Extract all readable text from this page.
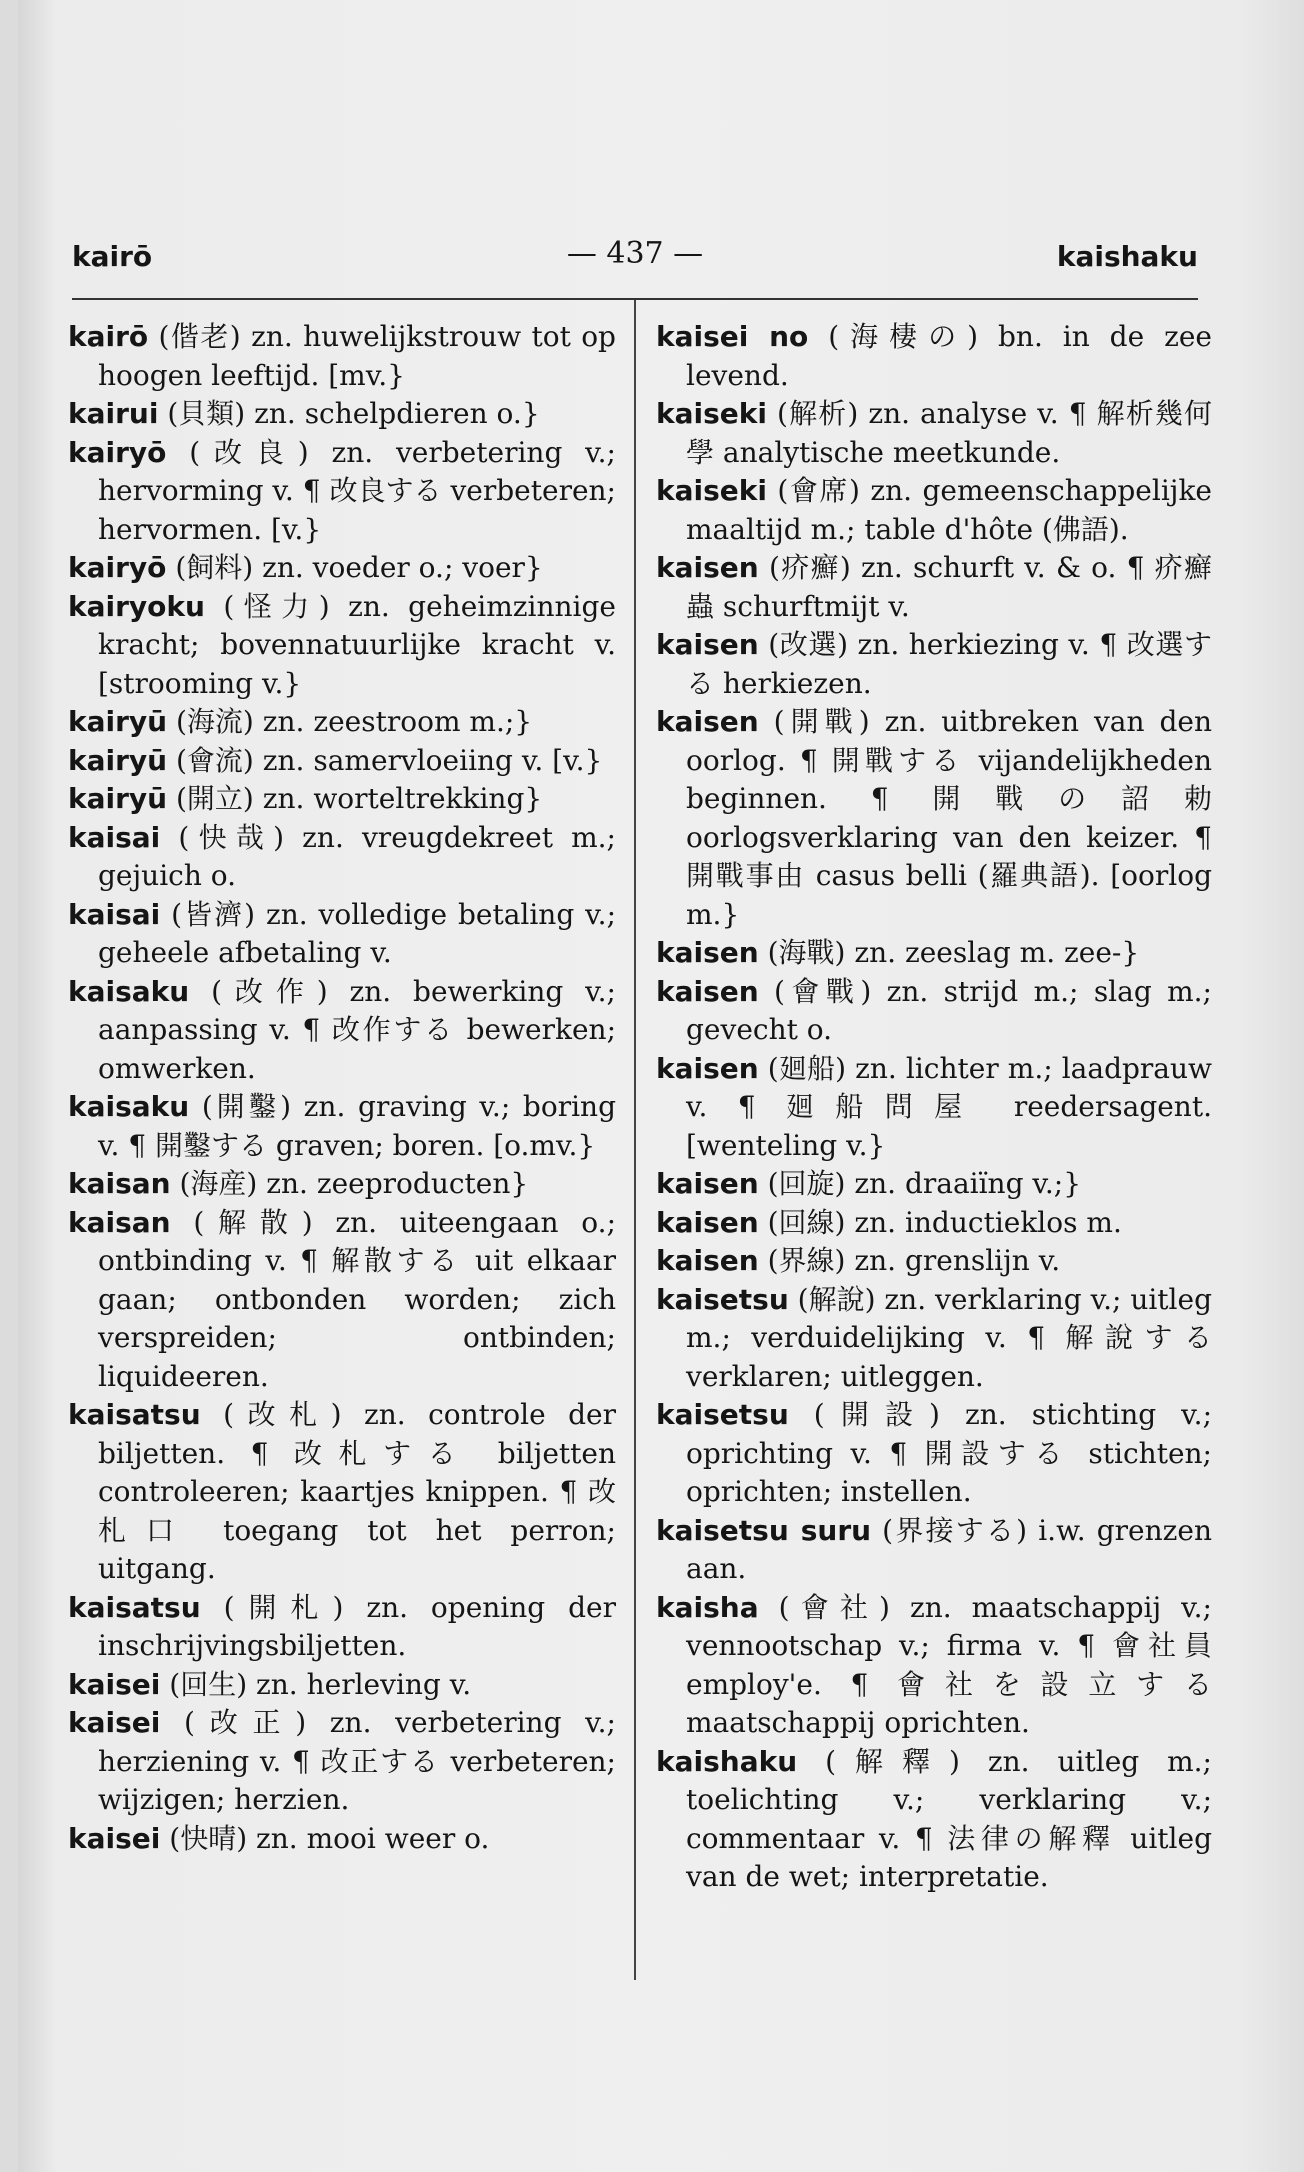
kairō	— 437 —	kaishaku

kairō (偕老) zn. huwelijkstrouw tot op hoogen leeftijd. [mv.}

kairui (貝類) zn. schelpdieren o.}

kairyō (改良) zn. verbetering v.; hervorming v. ¶ 改良する verbeteren; hervormen. [v.}

kairyō (飼料) zn. voeder o.; voer}

kairyoku (怪力) zn. geheimzinnige kracht; bovennatuurlijke kracht v. [strooming v.}

kairyū (海流) zn. zeestroom m.;}

kairyū (會流) zn. samervloeiing v. [v.}

kairyū (開立) zn. worteltrekking}

kaisai (快哉) zn. vreugdekreet m.; gejuich o.

kaisai (皆濟) zn. volledige betaling v.; geheele afbetaling v.

kaisaku (改作) zn. bewerking v.; aanpassing v. ¶ 改作する bewerken; omwerken.

kaisaku (開鑿) zn. graving v.; boring v. ¶ 開鑿する graven; boren. [o.mv.}

kaisan (海産) zn. zeeproducten}

kaisan (解散) zn. uiteengaan o.; ontbinding v. ¶ 解散する uit elkaar gaan; ontbonden worden; zich verspreiden; ontbinden; liquideeren.

kaisatsu (改札) zn. controle der biljetten. ¶ 改札する biljetten controleeren; kaartjes knippen. ¶ 改札口 toegang tot het perron; uitgang.

kaisatsu (開札) zn. opening der inschrijvingsbiljetten.

kaisei (回生) zn. herleving v.

kaisei (改正) zn. verbetering v.; herziening v. ¶ 改正する verbeteren; wijzigen; herzien.

kaisei (快晴) zn. mooi weer o.

kaisei no (海棲の) bn. in de zee levend.

kaiseki (解析) zn. analyse v. ¶ 解析幾何學 analytische meetkunde.

kaiseki (會席) zn. gemeenschappelijke maaltijd m.; table d'hôte (佛語).

kaisen (疥癬) zn. schurft v. & o. ¶ 疥癬蟲 schurftmijt v.

kaisen (改選) zn. herkiezing v. ¶ 改選する herkiezen.

kaisen (開戰) zn. uitbreken van den oorlog. ¶ 開戰する vijandelijkheden beginnen. ¶ 開戰の詔勅 oorlogsverklaring van den keizer. ¶ 開戰事由 casus belli (羅典語). [oorlog m.}

kaisen (海戰) zn. zeeslag m. zee-}

kaisen (會戰) zn. strijd m.; slag m.; gevecht o.

kaisen (廻船) zn. lichter m.; laadprauw v. ¶ 廻船問屋 reedersagent. [wenteling v.}

kaisen (回旋) zn. draaiïng v.;}

kaisen (回線) zn. inductieklos m.

kaisen (界線) zn. grenslijn v.

kaisetsu (解說) zn. verklaring v.; uitleg m.; verduidelijking v. ¶ 解說する verklaren; uitleggen.

kaisetsu (開設) zn. stichting v.; oprichting v. ¶ 開設する stichten; oprichten; instellen.

kaisetsu suru (界接する) i.w. grenzen aan.

kaisha (會社) zn. maatschappij v.; vennootschap v.; firma v. ¶ 會社員 employ'e. ¶ 會社を設立する maatschappij oprichten.

kaishaku (解釋) zn. uitleg m.; toelichting v.; verklaring v.; commentaar v. ¶ 法律の解釋 uitleg van de wet; interpretatie.
